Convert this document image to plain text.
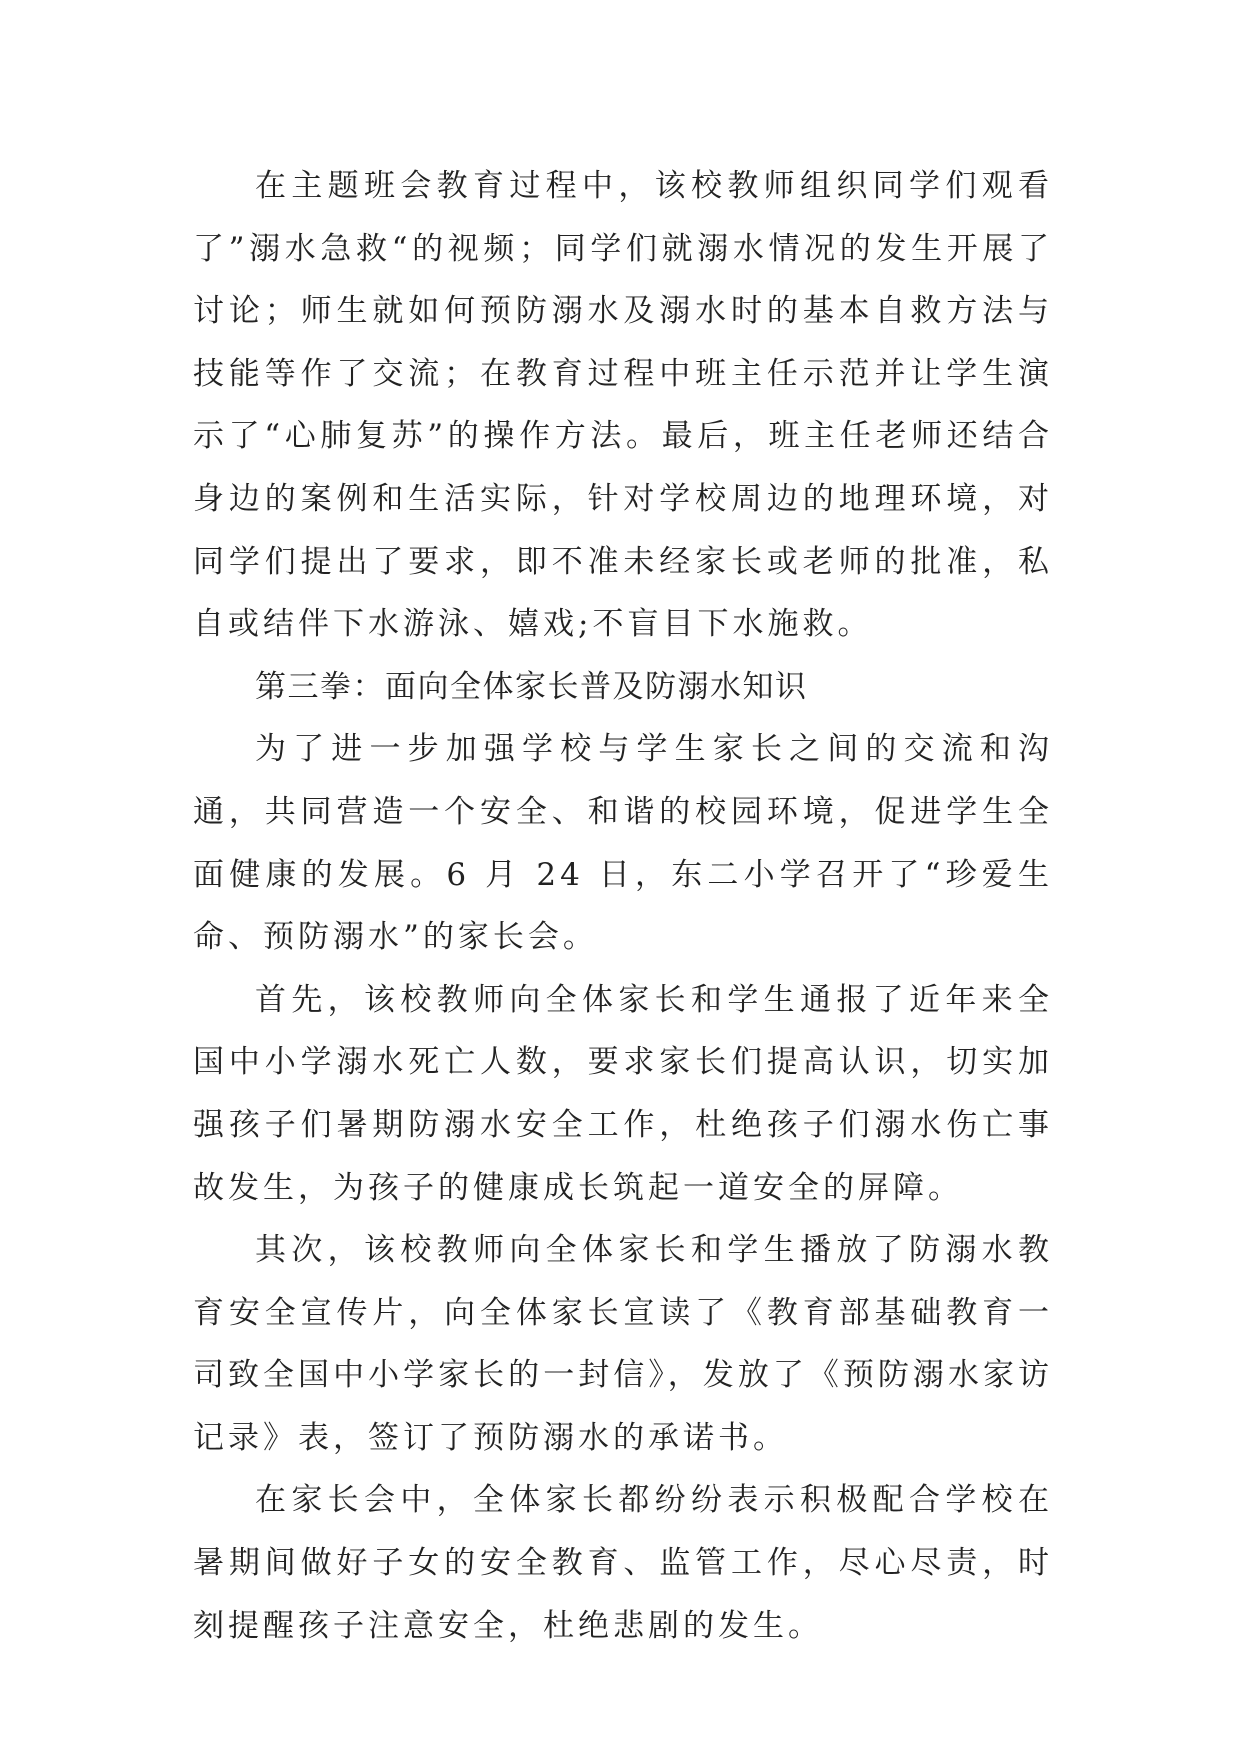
在主题班会教育过程中，该校教师组织同学们观看了”溺水急救“的视频；同学们就溺水情况的发生开展了讨论；师生就如何预防溺水及溺水时的基本自救方法与技能等作了交流；在教育过程中班主任示范并让学生演示了“心肺复苏”的操作方法。最后，班主任老师还结合身边的案例和生活实际，针对学校周边的地理环境，对同学们提出了要求，即不准未经家长或老师的批准，私自或结伴下水游泳、嬉戏;不盲目下水施救。

第三拳：面向全体家长普及防溺水知识

为了进一步加强学校与学生家长之间的交流和沟通，共同营造一个安全、和谐的校园环境，促进学生全面健康的发展。6 月 24 日，东二小学召开了“珍爱生命、预防溺水”的家长会。

首先，该校教师向全体家长和学生通报了近年来全国中小学溺水死亡人数，要求家长们提高认识，切实加强孩子们暑期防溺水安全工作，杜绝孩子们溺水伤亡事故发生，为孩子的健康成长筑起一道安全的屏障。

其次，该校教师向全体家长和学生播放了防溺水教育安全宣传片，向全体家长宣读了《教育部基础教育一司致全国中小学家长的一封信》，发放了《预防溺水家访记录》表，签订了预防溺水的承诺书。

在家长会中，全体家长都纷纷表示积极配合学校在暑期间做好子女的安全教育、监管工作，尽心尽责，时刻提醒孩子注意安全，杜绝悲剧的发生。
